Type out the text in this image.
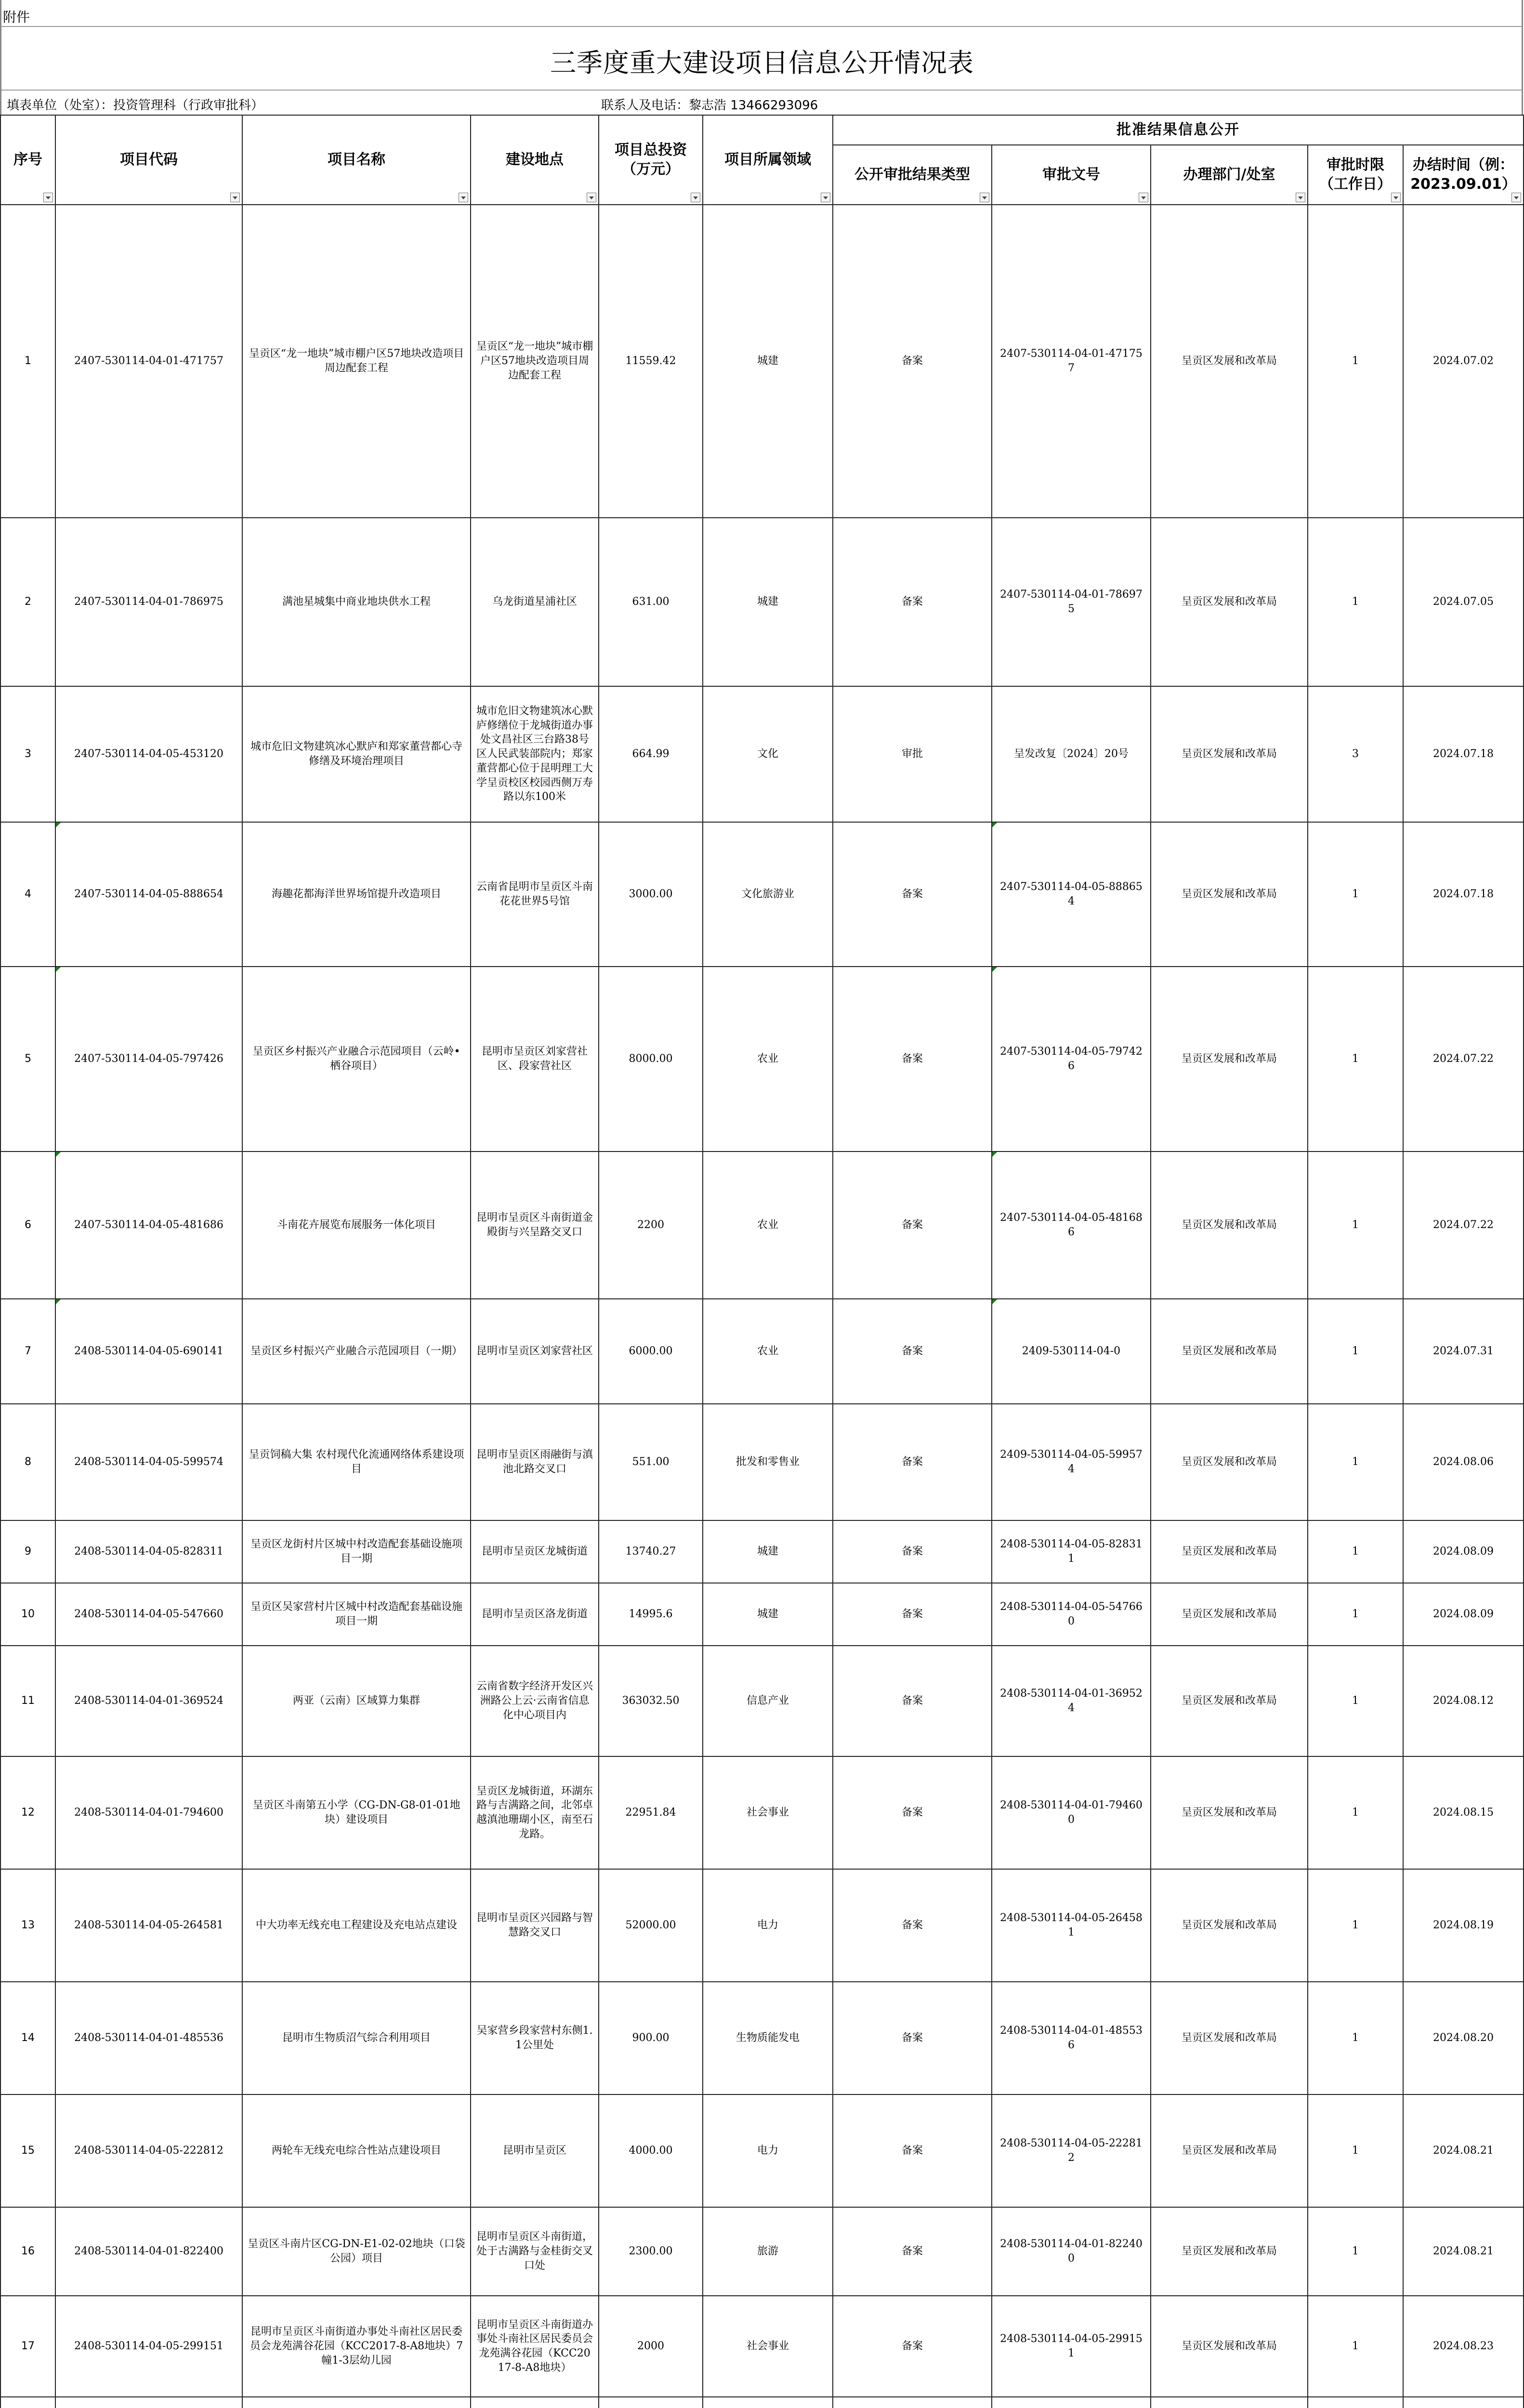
附件
三季度重大建设项目信息公开情况表
填表单位（处室）：投资管理科（行政审批科）	联系人及电话：黎志浩 13466293096
序号	项目代码	项目名称	建设地点	项目总投资（万元）	项目所属领域	批准结果信息公开				
						公开审批结果类型	审批文号	办理部门/处室	审批时限（工作日）	办结时间（例：2023.09.01）

1	2407-530114-04-01-471757	呈贡区“龙一地块”城市棚户区57地块改造项目周边配套工程	呈贡区“龙一地块”城市棚户区57地块改造项目周边配套工程	11559.42	城建	备案	2407-530114-04-01-471757	呈贡区发展和改革局	1	2024.07.02
2	2407-530114-04-01-786975	满池星城集中商业地块供水工程	乌龙街道星浦社区	631.00	城建	备案	2407-530114-04-01-786975	呈贡区发展和改革局	1	2024.07.05
3	2407-530114-04-05-453120	城市危旧文物建筑冰心默庐和郑家董营都心寺修缮及环境治理项目	城市危旧文物建筑冰心默庐修缮位于龙城街道办事处文昌社区三台路38号区人民武装部院内；郑家董营都心位于昆明理工大学呈贡校区校园西侧万寿路以东100米	664.99	文化	审批	呈发改复〔2024〕20号	呈贡区发展和改革局	3	2024.07.18
4	2407-530114-04-05-888654	海趣花都海洋世界场馆提升改造项目	云南省昆明市呈贡区斗南花花世界5号馆	3000.00	文化旅游业	备案	2407-530114-04-05-888654	呈贡区发展和改革局	1	2024.07.18
5	2407-530114-04-05-797426	呈贡区乡村振兴产业融合示范园项目（云岭•栖谷项目）	昆明市呈贡区刘家营社区、段家营社区	8000.00	农业	备案	2407-530114-04-05-797426	呈贡区发展和改革局	1	2024.07.22
6	2407-530114-04-05-481686	斗南花卉展览布展服务一体化项目	昆明市呈贡区斗南街道金殿街与兴呈路交叉口	2200	农业	备案	2407-530114-04-05-481686	呈贡区发展和改革局	1	2024.07.22
7	2408-530114-04-05-690141	呈贡区乡村振兴产业融合示范园项目（一期）	昆明市呈贡区刘家营社区	6000.00	农业	备案	2409-530114-04-0	呈贡区发展和改革局	1	2024.07.31
8	2408-530114-04-05-599574	呈贡饲稿大集 农村现代化流通网络体系建设项目	昆明市呈贡区雨融街与滇池北路交叉口	551.00	批发和零售业	备案	2409-530114-04-05-599574	呈贡区发展和改革局	1	2024.08.06
9	2408-530114-04-05-828311	呈贡区龙街村片区城中村改造配套基础设施项目一期	昆明市呈贡区龙城街道	13740.27	城建	备案	2408-530114-04-05-828311	呈贡区发展和改革局	1	2024.08.09
10	2408-530114-04-05-547660	呈贡区吴家营村片区城中村改造配套基础设施项目一期	昆明市呈贡区洛龙街道	14995.6	城建	备案	2408-530114-04-05-547660	呈贡区发展和改革局	1	2024.08.09
11	2408-530114-04-01-369524	两亚（云南）区域算力集群	云南省数字经济开发区兴洲路公上云·云南省信息化中心项目内	363032.50	信息产业	备案	2408-530114-04-01-369524	呈贡区发展和改革局	1	2024.08.12
12	2408-530114-04-01-794600	呈贡区斗南第五小学（CG-DN-G8-01-01地块）建设项目	呈贡区龙城街道，环湖东路与吉满路之间，北邻卓 越滇池珊瑚小区，南至石龙路。	22951.84	社会事业	备案	2408-530114-04-01-794600	呈贡区发展和改革局	1	2024.08.15
13	2408-530114-04-05-264581	中大功率无线充电工程建设及充电站点建设	昆明市呈贡区兴园路与智慧路交叉口	52000.00	电力	备案	2408-530114-04-05-264581	呈贡区发展和改革局	1	2024.08.19
14	2408-530114-04-01-485536	昆明市生物质沼气综合利用项目	吴家营乡段家营村东侧1.1公里处	900.00	生物质能发电	备案	2408-530114-04-01-485536	呈贡区发展和改革局	1	2024.08.20
15	2408-530114-04-05-222812	两轮车无线充电综合性站点建设项目	昆明市呈贡区	4000.00	电力	备案	2408-530114-04-05-222812	呈贡区发展和改革局	1	2024.08.21
16	2408-530114-04-01-822400	呈贡区斗南片区CG-DN-E1-02-02地块（口袋公园）项目	昆明市呈贡区斗南街道，处于古满路与金桂街交叉口处	2300.00	旅游	备案	2408-530114-04-01-822400	呈贡区发展和改革局	1	2024.08.21
17	2408-530114-04-05-299151	昆明市呈贡区斗南街道办事处斗南社区居民委员会龙苑满谷花园（KCC2017-8-A8地块）7幢1-3层幼儿园	昆明市呈贡区斗南街道办事处斗南社区居民委员会龙苑满谷花园（KCC2017-8-A8地块）	2000	社会事业	备案	2408-530114-04-05-299151	呈贡区发展和改革局	1	2024.08.23
